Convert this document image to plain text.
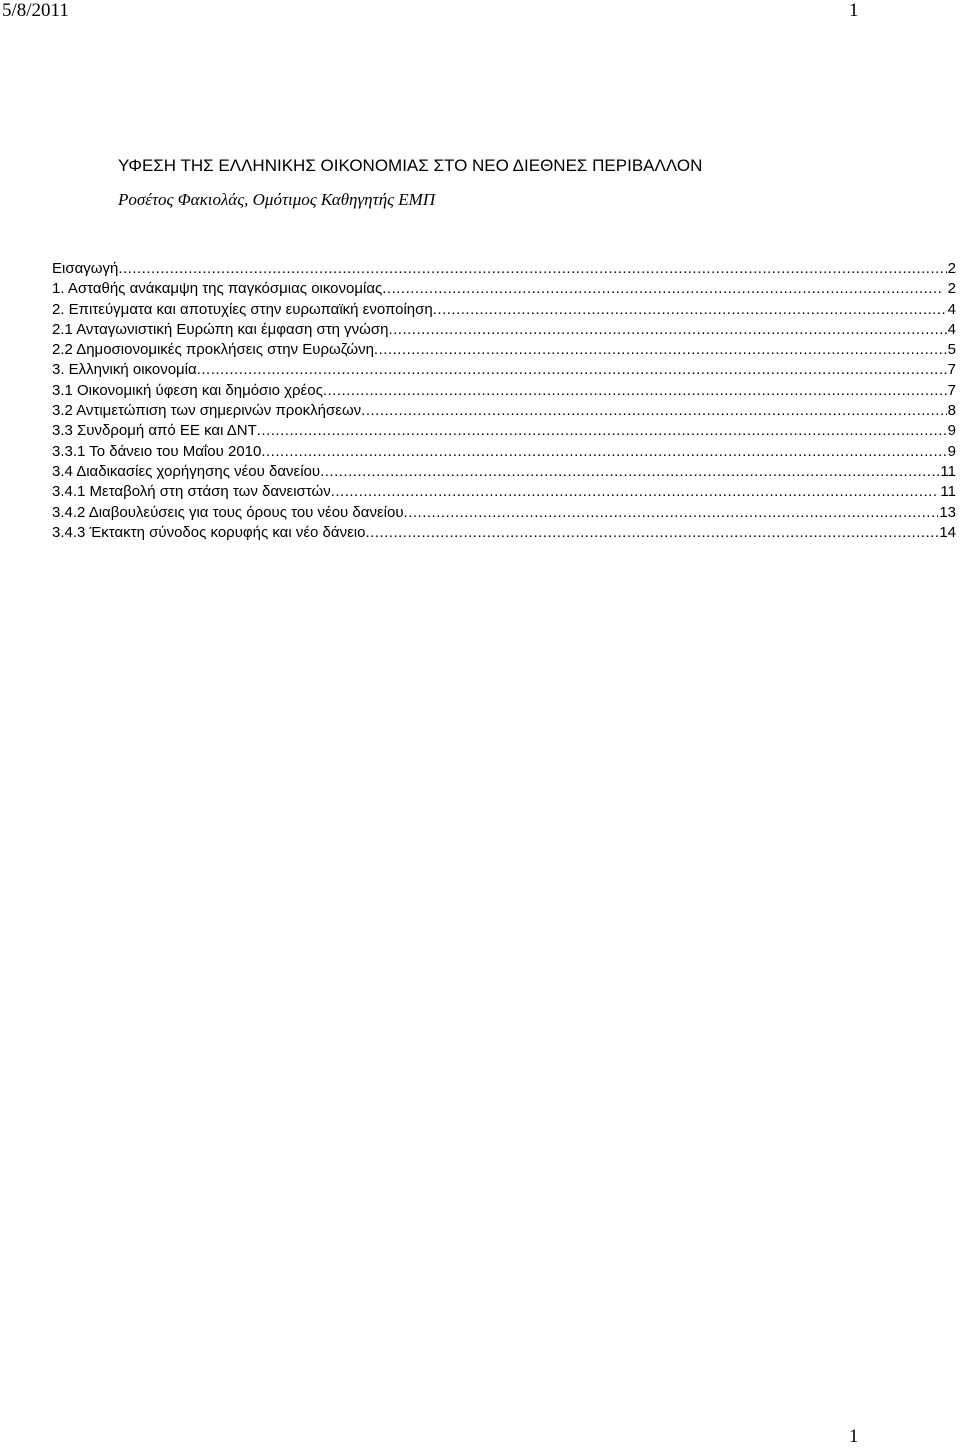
5/8/2011	1
ΥΦΕΣΗ ΤΗΣ ΕΛΛΗΝΙΚΗΣ ΟΙΚΟΝΟΜΙΑΣ ΣΤΟ ΝΕΟ ΔΙΕΘΝΕΣ ΠΕΡΙΒΑΛΛΟΝ
Ροσέτος Φακιολάς, Ομότιμος Καθηγητής ΕΜΠ
Εισαγωγή .....	2
1. Ασταθής ανάκαμψη της παγκόσμιας οικονομίας .....	2
2. Επιτεύγματα και αποτυχίες στην ευρωπαϊκή ενοποίηση .....	4
2.1 Ανταγωνιστική Ευρώπη και έμφαση στη γνώση .....	4
2.2 Δημοσιονομικές προκλήσεις στην Ευρωζώνη .....	5
3. Ελληνική οικονομία .....	7
3.1 Οικονομική ύφεση και δημόσιο χρέος .....	7
3.2 Αντιμετώπιση των σημερινών προκλήσεων .....	8
3.3 Συνδρομή από ΕΕ και ΔΝΤ .....	9
3.3.1 Το δάνειο του Μαΐου 2010 .....	9
3.4 Διαδικασίες χορήγησης νέου δανείου .....	11
3.4.1 Μεταβολή στη στάση των δανειστών .....	11
3.4.2 Διαβουλεύσεις για τους όρους του νέου δανείου .....	13
3.4.3 Έκτακτη σύνοδος κορυφής και νέο δάνειο .....	14
1
